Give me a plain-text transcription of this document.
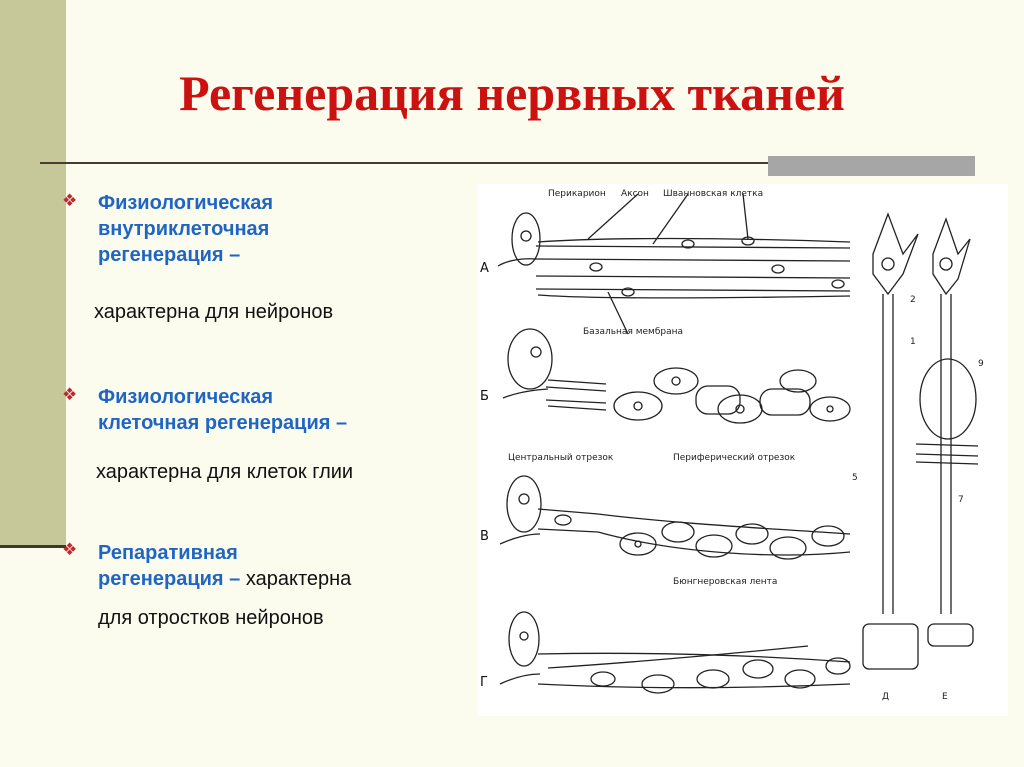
Регенерация нервных тканей
❖	Физиологическая
внутриклеточная
регенерация –
характерна для нейронов
❖	Физиологическая
клеточная регенерация –
характерна для клеток глии
❖	Репаративная
регенерация – характерна
для отростков нейронов
Перикарион Аксон Шванновская клетка
Базальная мембрана
Центральный отрезок	Периферический отрезок
Бюнгнеровская лента
А
Б
В
Г
Д	Е
1
2
5
7
9
